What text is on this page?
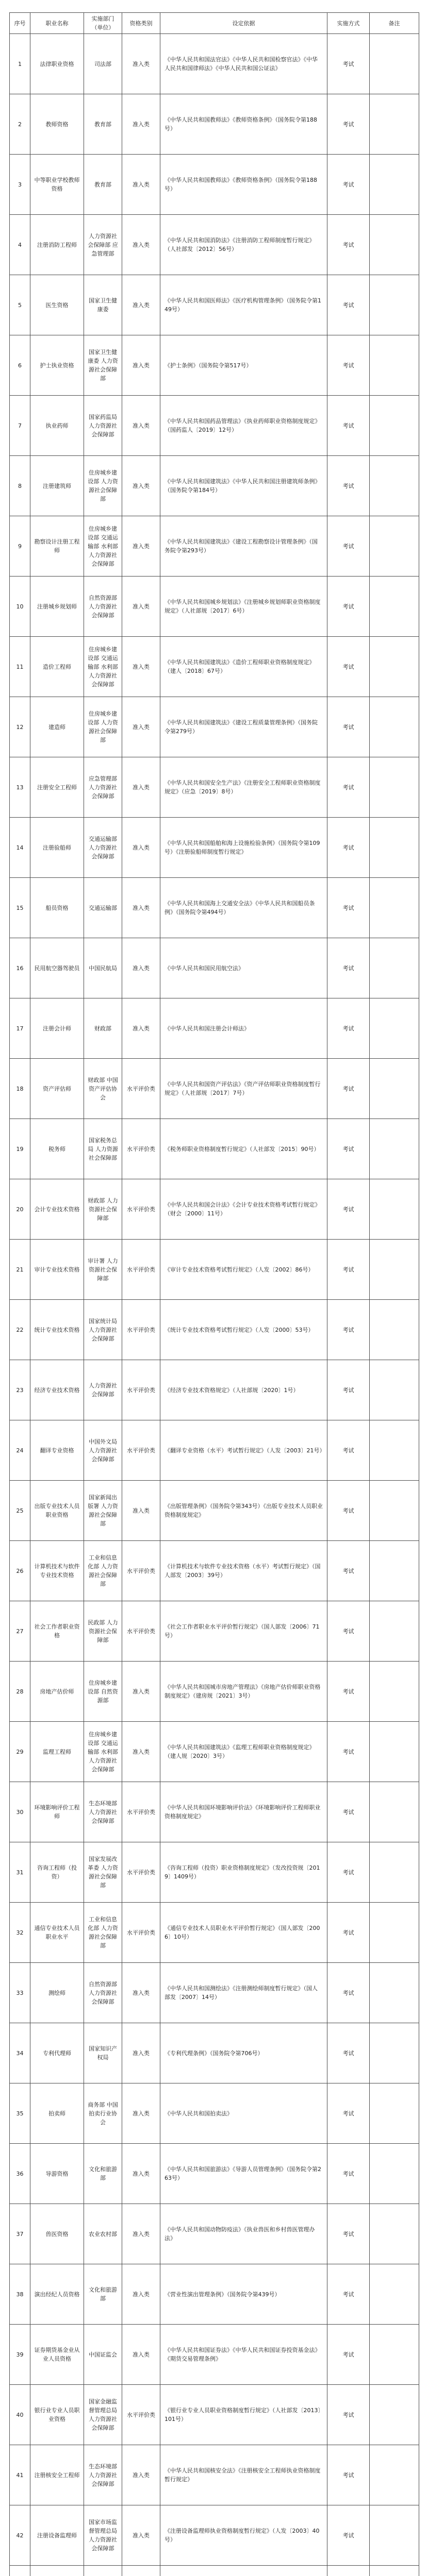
序号	职业名称	实施部门（单位）	资格类别	设定依据	实施方式	备注
1	法律职业资格	司法部	准入类	《中华人民共和国法官法》《中华人民共和国检察官法》《中华人民共和国律师法》《中华人民共和国公证法》	考试	
2	教师资格	教育部	准入类	《中华人民共和国教师法》《教师资格条例》（国务院令第188号）	考试	
3	中等职业学校教师资格	教育部	准入类	《中华人民共和国教师法》《教师资格条例》（国务院令第188号）	考试	
4	注册消防工程师	人力资源社会保障部 应急管理部	准入类	《中华人民共和国消防法》《注册消防工程师制度暂行规定》（人社部发〔2012〕56号）	考试	
5	医生资格	国家卫生健康委	准入类	《中华人民共和国医师法》《医疗机构管理条例》（国务院令第149号）	考试	
6	护士执业资格	国家卫生健康委 人力资源社会保障部	准入类	《护士条例》（国务院令第517号）	考试	
7	执业药师	国家药监局 人力资源社会保障部	准入类	《中华人民共和国药品管理法》《执业药师职业资格制度规定》（国药监人〔2019〕12号）	考试	
8	注册建筑师	住房城乡建设部 人力资源社会保障部	准入类	《中华人民共和国建筑法》《中华人民共和国注册建筑师条例》（国务院令第184号）	考试	
9	勘察设计注册工程师	住房城乡建设部 交通运输部 水利部 人力资源社会保障部	准入类	《中华人民共和国建筑法》《建设工程勘察设计管理条例》（国务院令第293号）	考试	
10	注册城乡规划师	自然资源部 人力资源社会保障部	准入类	《中华人民共和国城乡规划法》《注册城乡规划师职业资格制度规定》（人社部规〔2017〕6号）	考试	
11	造价工程师	住房城乡建设部 交通运输部 水利部 人力资源社会保障部	准入类	《中华人民共和国建筑法》《造价工程师职业资格制度规定》（建人〔2018〕67号）	考试	
12	建造师	住房城乡建设部 人力资源社会保障部	准入类	《中华人民共和国建筑法》《建设工程质量管理条例》（国务院令第279号）	考试	
13	注册安全工程师	应急管理部 人力资源社会保障部	准入类	《中华人民共和国安全生产法》《注册安全工程师职业资格制度规定》（应急〔2019〕8号）	考试	
14	注册验船师	交通运输部 人力资源社会保障部	准入类	《中华人民共和国船舶和海上设施检验条例》（国务院令第109号）《注册验船师制度暂行规定》	考试	
15	船员资格	交通运输部	准入类	《中华人民共和国海上交通安全法》《中华人民共和国船员条例》（国务院令第494号）	考试	
16	民用航空器驾驶员	中国民航局	准入类	《中华人民共和国民用航空法》	考试	
17	注册会计师	财政部	准入类	《中华人民共和国注册会计师法》	考试	
18	资产评估师	财政部 中国资产评估协会	水平评价类	《中华人民共和国资产评估法》《资产评估师职业资格制度暂行规定》（人社部规〔2017〕7号）	考试	
19	税务师	国家税务总局 人力资源社会保障部	水平评价类	《税务师职业资格制度暂行规定》（人社部发〔2015〕90号）	考试	
20	会计专业技术资格	财政部 人力资源社会保障部	水平评价类	《中华人民共和国会计法》《会计专业技术资格考试暂行规定》（财会〔2000〕11号）	考试	
21	审计专业技术资格	审计署 人力资源社会保障部	水平评价类	《审计专业技术资格考试暂行规定》（人发〔2002〕86号）	考试	
22	统计专业技术资格	国家统计局 人力资源社会保障部	水平评价类	《统计专业技术资格考试暂行规定》（人发〔2000〕53号）	考试	
23	经济专业技术资格	人力资源社会保障部	水平评价类	《经济专业技术资格规定》（人社部规〔2020〕1号）	考试	
24	翻译专业资格	中国外文局 人力资源社会保障部	水平评价类	《翻译专业资格（水平）考试暂行规定》（人发〔2003〕21号）	考试	
25	出版专业技术人员职业资格	国家新闻出版署 人力资源社会保障部	准入类	《出版管理条例》（国务院令第343号）《出版专业技术人员职业资格制度规定》	考试	
26	计算机技术与软件专业技术资格	工业和信息化部 人力资源社会保障部	水平评价类	《计算机技术与软件专业技术资格（水平）考试暂行规定》（国人部发〔2003〕39号）	考试	
27	社会工作者职业资格	民政部 人力资源社会保障部	水平评价类	《社会工作者职业水平评价暂行规定》（国人部发〔2006〕71号）	考试	
28	房地产估价师	住房城乡建设部 自然资源部	准入类	《中华人民共和国城市房地产管理法》《房地产估价师职业资格制度规定》（建房规〔2021〕3号）	考试	
29	监理工程师	住房城乡建设部 交通运输部 水利部 人力资源社会保障部	准入类	《中华人民共和国建筑法》《监理工程师职业资格制度规定》（建人规〔2020〕3号）	考试	
30	环境影响评价工程师	生态环境部 人力资源社会保障部	水平评价类	《中华人民共和国环境影响评价法》《环境影响评价工程师职业资格制度规定》	考试	
31	咨询工程师（投资）	国家发展改革委 人力资源社会保障部	水平评价类	《咨询工程师（投资）职业资格制度规定》（发改投资规〔2019〕1409号）	考试	
32	通信专业技术人员职业水平	工业和信息化部 人力资源社会保障部	水平评价类	《通信专业技术人员职业水平评价暂行规定》（国人部发〔2006〕10号）	考试	
33	测绘师	自然资源部 人力资源社会保障部	准入类	《中华人民共和国测绘法》《注册测绘师制度暂行规定》（国人部发〔2007〕14号）	考试	
34	专利代理师	国家知识产权局	准入类	《专利代理条例》（国务院令第706号）	考试	
35	拍卖师	商务部 中国拍卖行业协会	准入类	《中华人民共和国拍卖法》	考试	
36	导游资格	文化和旅游部	准入类	《中华人民共和国旅游法》《导游人员管理条例》（国务院令第263号）	考试	
37	兽医资格	农业农村部	准入类	《中华人民共和国动物防疫法》《执业兽医和乡村兽医管理办法》	考试	
38	演出经纪人员资格	文化和旅游部	准入类	《营业性演出管理条例》（国务院令第439号）	考试	
39	证券期货基金业从业人员资格	中国证监会	准入类	《中华人民共和国证券法》《中华人民共和国证券投资基金法》《期货交易管理条例》	考试	
40	银行业专业人员职业资格	国家金融监督管理总局 人力资源社会保障部	水平评价类	《银行业专业人员职业资格制度暂行规定》（人社部发〔2013〕101号）	考试	
41	注册核安全工程师	生态环境部 人力资源社会保障部	准入类	《中华人民共和国核安全法》《注册核安全工程师执业资格制度暂行规定》	考试	
42	注册设备监理师	国家市场监督管理总局 人力资源社会保障部	准入类	《注册设备监理师执业资格制度暂行规定》（人发〔2003〕40号）	考试	
